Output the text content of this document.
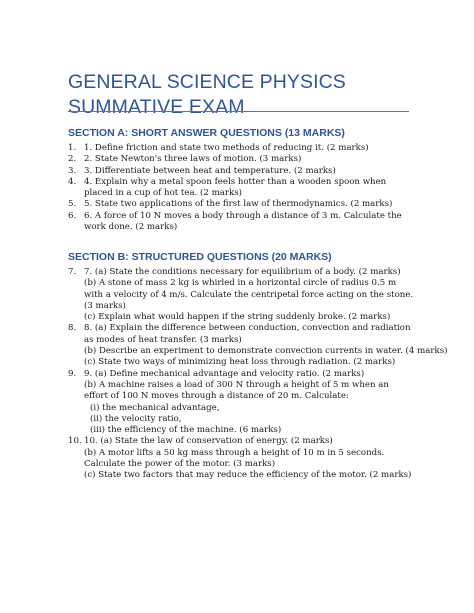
GENERAL SCIENCE PHYSICS SUMMATIVE EXAM
SECTION A: SHORT ANSWER QUESTIONS (13 MARKS)
1. 1. Define friction and state two methods of reducing it. (2 marks)
2. 2. State Newton's three laws of motion. (3 marks)
3. 3. Differentiate between heat and temperature. (2 marks)
4. 4. Explain why a metal spoon feels hotter than a wooden spoon when placed in a cup of hot tea. (2 marks)
5. 5. State two applications of the first law of thermodynamics. (2 marks)
6. 6. A force of 10 N moves a body through a distance of 3 m. Calculate the work done. (2 marks)
SECTION B: STRUCTURED QUESTIONS (20 MARKS)
7. 7. (a) State the conditions necessary for equilibrium of a body. (2 marks)
(b) A stone of mass 2 kg is whirled in a horizontal circle of radius 0.5 m with a velocity of 4 m/s. Calculate the centripetal force acting on the stone. (3 marks)
(c) Explain what would happen if the string suddenly broke. (2 marks)
8. 8. (a) Explain the difference between conduction, convection and radiation as modes of heat transfer. (3 marks)
(b) Describe an experiment to demonstrate convection currents in water. (4 marks)
(c) State two ways of minimizing heat loss through radiation. (2 marks)
9. 9. (a) Define mechanical advantage and velocity ratio. (2 marks)
(b) A machine raises a load of 300 N through a height of 5 m when an effort of 100 N moves through a distance of 20 m. Calculate:
(i) the mechanical advantage,
(ii) the velocity ratio,
(iii) the efficiency of the machine. (6 marks)
10. 10. (a) State the law of conservation of energy. (2 marks)
(b) A motor lifts a 50 kg mass through a height of 10 m in 5 seconds. Calculate the power of the motor. (3 marks)
(c) State two factors that may reduce the efficiency of the motor. (2 marks)
